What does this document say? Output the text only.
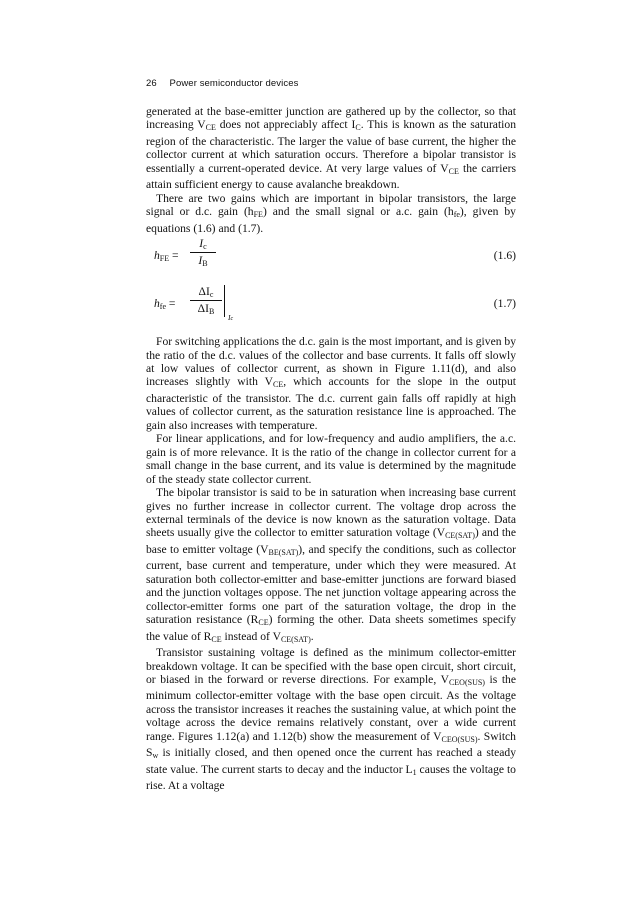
26 Power semiconductor devices

generated at the base-emitter junction are gathered up by the collector, so that increasing $V_{CE}$ does not appreciably affect $I_C$. This is known as the saturation region of the characteristic. The larger the value of base current, the higher the collector current at which saturation occurs. Therefore a bipolar transistor is essentially a current-operated device. At very large values of $V_{CE}$ the carriers attain sufficient energy to cause avalanche breakdown.

There are two gains which are important in bipolar transistors, the large signal or d.c. gain $(h_{FE})$ and the small signal or a.c. gain $(h_{fe})$, given by equations (1.6) and (1.7).

$h_{FE} = \frac{I_c}{I_B}$	(1.6)
$h_{fe}$ =
$\Delta I_c$
$\Delta I_B$
Ic
(1.7)

For switching applications the d.c. gain is the most important, and is given by the ratio of the d.c. values of the collector and base currents. It falls off slowly at low values of collector current, as shown in Figure 1.11(d), and also increases slightly with $V_{CE}$, which accounts for the slope in the output characteristic of the transistor. The d.c. current gain falls off rapidly at high values of collector current, as the saturation resistance line is approached. The gain also increases with temperature.

For linear applications, and for low-frequency and audio amplifiers, the a.c. gain is of more relevance. It is the ratio of the change in collector current for a small change in the base current, and its value is determined by the magnitude of the steady state collector current.

The bipolar transistor is said to be in saturation when increasing base current gives no further increase in collector current. The voltage drop across the external terminals of the device is now known as the saturation voltage. Data sheets usually give the collector to emitter saturation voltage $(V_{CE(SAT)})$ and the base to emitter voltage $(V_{BE(SAT)})$, and specify the conditions, such as collector current, base current and temperature, under which they were measured. At saturation both collector-emitter and base-emitter junctions are forward biased and the junction voltages oppose. The net junction voltage appearing across the collector-emitter forms one part of the saturation voltage, the drop in the saturation resistance $(R_{CE})$ forming the other. Data sheets sometimes specify the value of $R_{CE}$ instead of $V_{CE(SAT)}$.

Transistor sustaining voltage is defined as the minimum collector-emitter breakdown voltage. It can be specified with the base open circuit, short circuit, or biased in the forward or reverse directions. For example, $V_{CEO(SUS)}$ is the minimum collector-emitter voltage with the base open circuit. As the voltage across the transistor increases it reaches the sustaining value, at which point the voltage across the device remains relatively constant, over a wide current range. Figures 1.12(a) and 1.12(b) show the measurement of $V_{CEO(SUS)}$. Switch $S_w$ is initially closed, and then opened once the current has reached a steady state value. The current starts to decay and the inductor $L_1$ causes the voltage to rise. At a voltage
